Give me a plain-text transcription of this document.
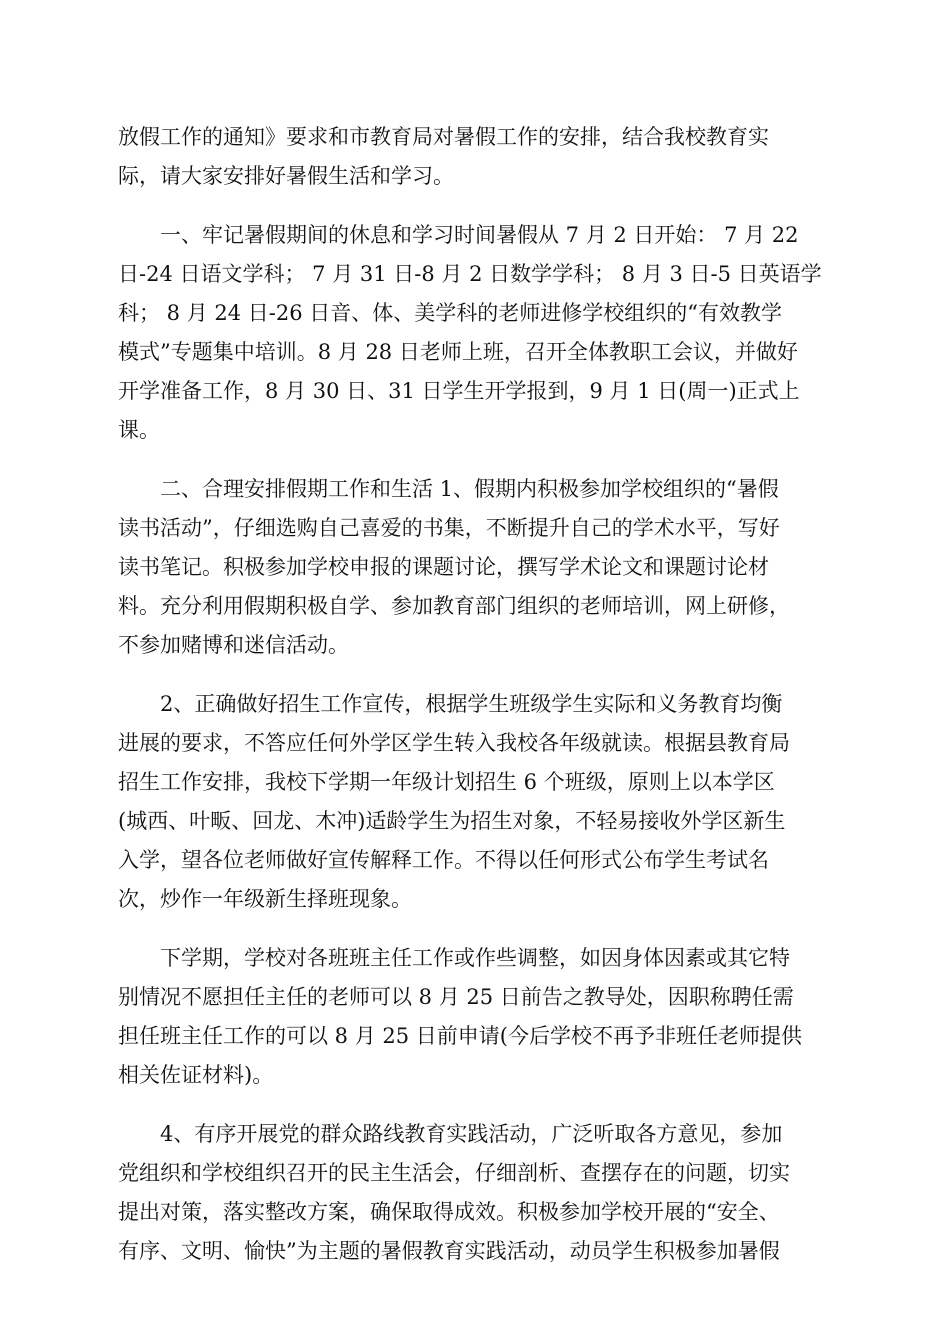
放假工作的通知》要求和市教育局对暑假工作的安排，结合我校教育实
际，请大家安排好暑假生活和学习。
一、牢记暑假期间的休息和学习时间暑假从 7 月 2 日开始： 7 月 22
日-24 日语文学科； 7 月 31 日-8 月 2 日数学学科； 8 月 3 日-5 日英语学
科； 8 月 24 日-26 日音、体、美学科的老师进修学校组织的“有效教学
模式”专题集中培训。8 月 28 日老师上班，召开全体教职工会议，并做好
开学准备工作，8 月 30 日、31 日学生开学报到，9 月 1 日(周一)正式上
课。
二、合理安排假期工作和生活 1、假期内积极参加学校组织的“暑假
读书活动”，仔细选购自己喜爱的书集，不断提升自己的学术水平，写好
读书笔记。积极参加学校申报的课题讨论，撰写学术论文和课题讨论材
料。充分利用假期积极自学、参加教育部门组织的老师培训，网上研修，
不参加赌博和迷信活动。
2、正确做好招生工作宣传，根据学生班级学生实际和义务教育均衡
进展的要求，不答应任何外学区学生转入我校各年级就读。根据县教育局
招生工作安排，我校下学期一年级计划招生 6 个班级，原则上以本学区
(城西、叶畈、回龙、木冲)适龄学生为招生对象，不轻易接收外学区新生
入学，望各位老师做好宣传解释工作。不得以任何形式公布学生考试名
次，炒作一年级新生择班现象。
下学期，学校对各班班主任工作或作些调整，如因身体因素或其它特
别情况不愿担任主任的老师可以 8 月 25 日前告之教导处，因职称聘任需
担任班主任工作的可以 8 月 25 日前申请(今后学校不再予非班任老师提供
相关佐证材料)。
4、有序开展党的群众路线教育实践活动，广泛听取各方意见，参加
党组织和学校组织召开的民主生活会，仔细剖析、查摆存在的问题，切实
提出对策，落实整改方案，确保取得成效。积极参加学校开展的“安全、
有序、文明、愉快”为主题的暑假教育实践活动，动员学生积极参加暑假
